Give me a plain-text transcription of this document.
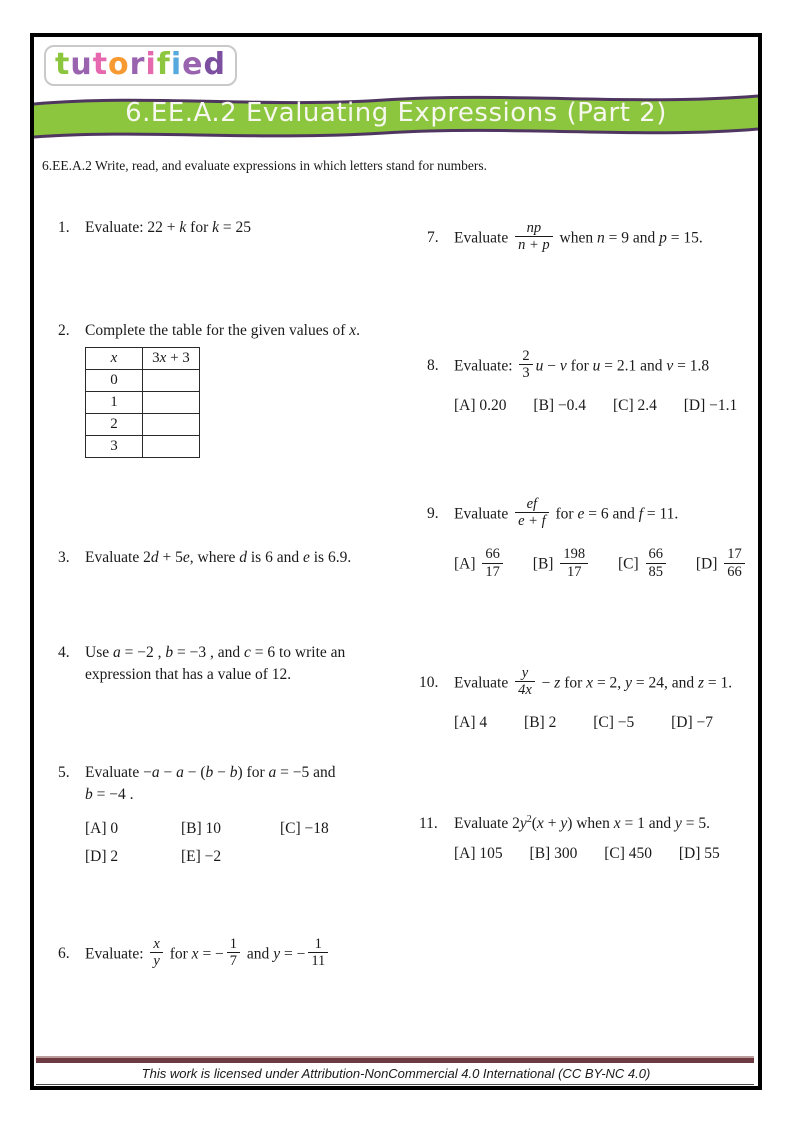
tutorified
6.EE.A.2 Evaluating Expressions (Part 2)
6.EE.A.2 Write, read, and evaluate expressions in which letters stand for numbers.
1. Evaluate: 22 + k for k = 25
2. Complete the table for the given values of x.
x	3x + 3
0	
1	
2	
3	
3. Evaluate 2d + 5e, where d is 6 and e is 6.9.
4. Use a = −2 , b = −3 , and c = 6 to write an
expression that has a value of 12.
5. Evaluate −a − a − (b − b) for a = −5 and
b = −4 .
[A] 0	[B] 10	[C] −18
[D] 2	[E] −2
6. Evaluate: $\frac{x}{y}$ for x = − $\frac{1}{7}$ and y = − $\frac{1}{11}$
7. Evaluate $\frac{np}{n + p}$ when n = 9 and p = 15.
8. Evaluate: $\frac{2}{3}$ u − v for u = 2.1 and v = 1.8
[A] 0.20 [B] −0.4 [C] 2.4 [D] −1.1
9. Evaluate $\frac{ef}{e + f}$ for e = 6 and f = 11.
$[A] \frac{66}{17} [B] \frac{198}{17} [C] \frac{66}{85} [D] \frac{17}{66}$
10.	Evaluate $\frac{y}{4x} - z$ for x = 2, y = 24, and z = 1.
[A] 4 [B] 2 [C] −5 [D] −7
11.	Evaluate $2y^2(x + y)$ when x = 1 and y = 5.
[A] 105 [B] 300 [C] 450 [D] 55
This work is licensed under Attribution-NonCommercial 4.0 International (CC BY-NC 4.0)
